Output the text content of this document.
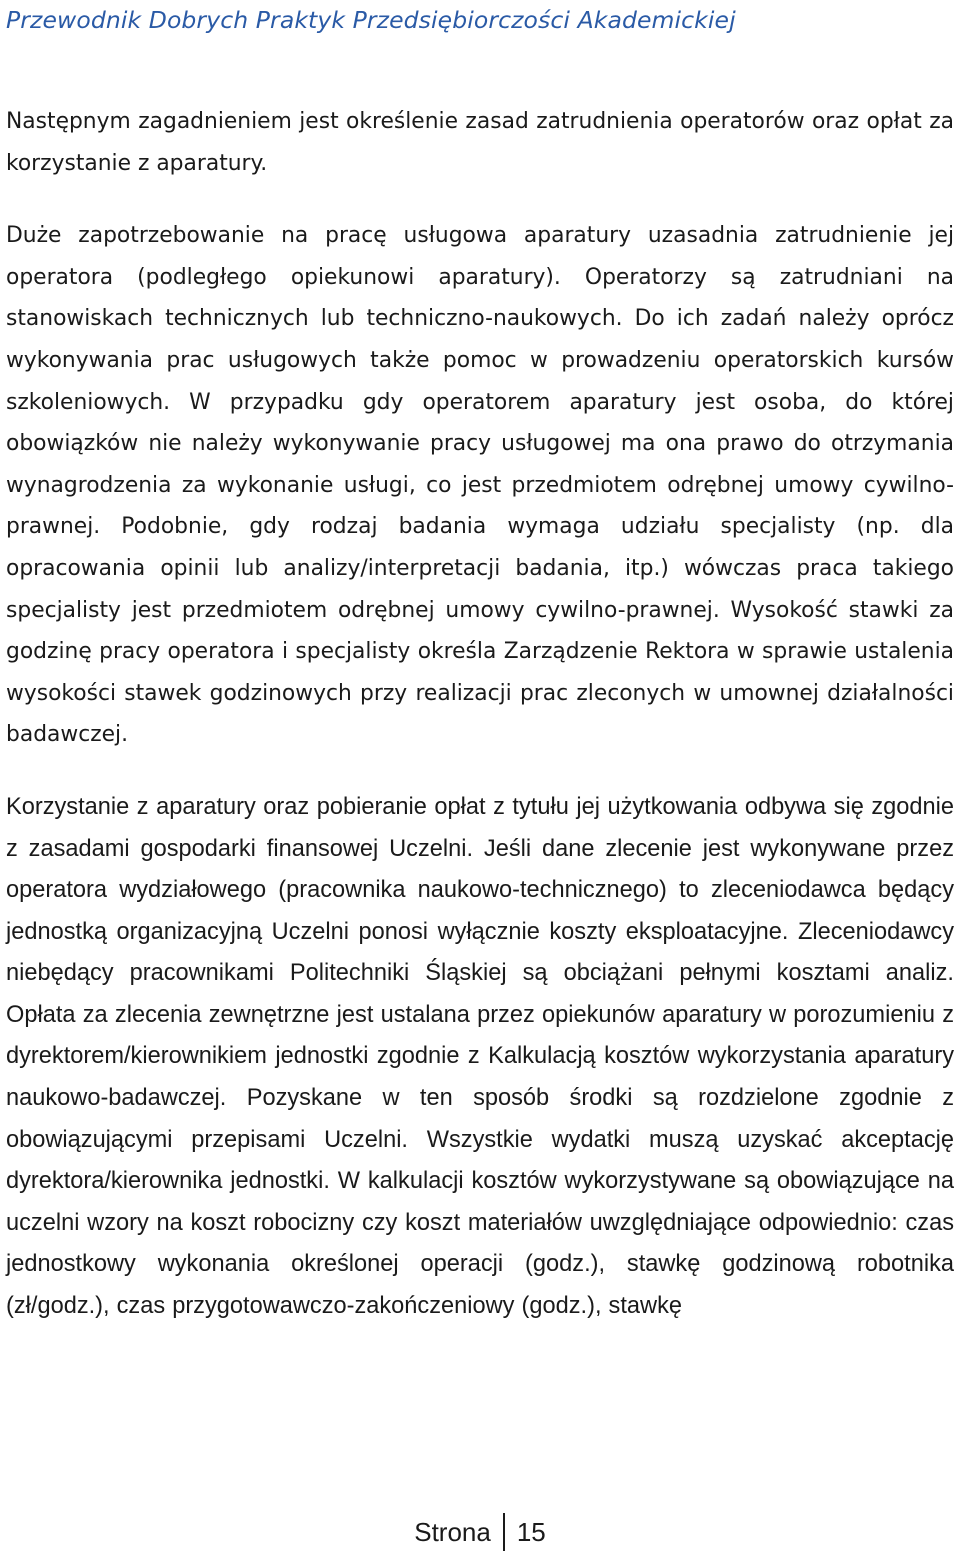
Przewodnik Dobrych Praktyk Przedsiębiorczości Akademickiej

Następnym zagadnieniem jest określenie zasad zatrudnienia operatorów oraz opłat za korzystanie z aparatury.

Duże zapotrzebowanie na pracę usługowa aparatury uzasadnia zatrudnienie jej operatora (podległego opiekunowi aparatury). Operatorzy są zatrudniani na stanowiskach technicznych lub techniczno-naukowych. Do ich zadań należy oprócz wykonywania prac usługowych także pomoc w prowadzeniu operatorskich kursów szkoleniowych. W przypadku gdy operatorem aparatury jest osoba, do której obowiązków nie należy wykonywanie pracy usługowej ma ona prawo do otrzymania wynagrodzenia za wykonanie usługi, co jest przedmiotem odrębnej umowy cywilno-prawnej. Podobnie, gdy rodzaj badania wymaga udziału specjalisty (np. dla opracowania opinii lub analizy/interpretacji badania, itp.) wówczas praca takiego specjalisty jest przedmiotem odrębnej umowy cywilno-prawnej. Wysokość stawki za godzinę pracy operatora i specjalisty określa Zarządzenie Rektora w sprawie ustalenia wysokości stawek godzinowych przy realizacji prac zleconych w umownej działalności badawczej.

Korzystanie z aparatury oraz pobieranie opłat z tytułu jej użytkowania odbywa się zgodnie z zasadami gospodarki finansowej Uczelni. Jeśli dane zlecenie jest wykonywane przez operatora wydziałowego (pracownika naukowo-technicznego) to zleceniodawca będący jednostką organizacyjną Uczelni ponosi wyłącznie koszty eksploatacyjne. Zleceniodawcy niebędący pracownikami Politechniki Śląskiej są obciążani pełnymi kosztami analiz. Opłata za zlecenia zewnętrzne jest ustalana przez opiekunów aparatury w porozumieniu z dyrektorem/kierownikiem jednostki zgodnie z Kalkulacją kosztów wykorzystania aparatury naukowo-badawczej. Pozyskane w ten sposób środki są rozdzielone zgodnie z obowiązującymi przepisami Uczelni. Wszystkie wydatki muszą uzyskać akceptację dyrektora/kierownika jednostki. W kalkulacji kosztów wykorzystywane są obowiązujące na uczelni wzory na koszt robocizny czy koszt materiałów uwzględniające odpowiednio: czas jednostkowy wykonania określonej operacji (godz.), stawkę godzinową robotnika (zł/godz.), czas przygotowawczo-zakończeniowy (godz.), stawkę

Strona 15
